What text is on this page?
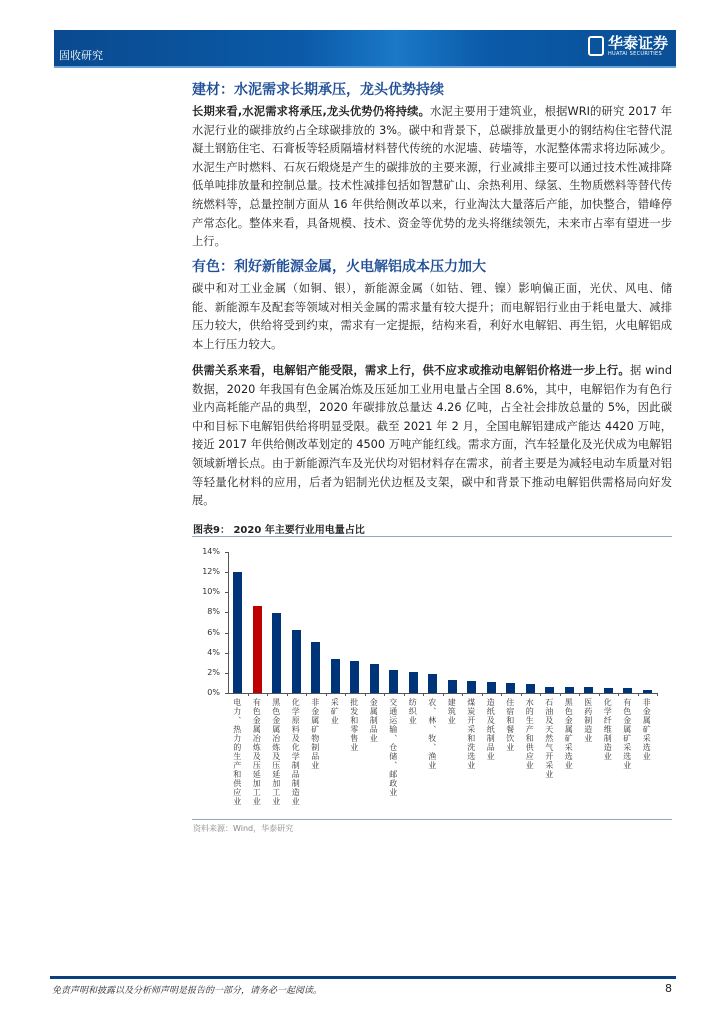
固收研究
华泰证券
HUATAI SECURITIES
建材：水泥需求长期承压，龙头优势持续
长期来看,水泥需求将承压,龙头优势仍将持续。水泥主要用于建筑业，根据WRI的研究 2017 年水泥行业的碳排放约占全球碳排放的 3%。碳中和背景下，总碳排放量更小的钢结构住宅替代混凝土钢筋住宅、石膏板等轻质隔墙材料替代传统的水泥墙、砖墙等，水泥整体需求将边际减少。水泥生产时燃料、石灰石煅烧是产生的碳排放的主要来源，行业减排主要可以通过技术性减排降低单吨排放量和控制总量。技术性减排包括如智慧矿山、余热利用、绿氢、生物质燃料等替代传统燃料等，总量控制方面从 16 年供给侧改革以来，行业淘汰大量落后产能，加快整合，错峰停产常态化。整体来看，具备规模、技术、资金等优势的龙头将继续领先，未来市占率有望进一步上行。
有色：利好新能源金属，火电解铝成本压力加大
碳中和对工业金属（如铜、银），新能源金属（如钴、锂、镍）影响偏正面，光伏、风电、储能、新能源车及配套等领域对相关金属的需求量有较大提升；而电解铝行业由于耗电量大、减排压力较大，供给将受到约束，需求有一定提振，结构来看，利好水电解铝、再生铝，火电解铝成本上行压力较大。
供需关系来看，电解铝产能受限，需求上行，供不应求或推动电解铝价格进一步上行。据 wind 数据，2020 年我国有色金属冶炼及压延加工业用电量占全国 8.6%，其中，电解铝作为有色行业内高耗能产品的典型，2020 年碳排放总量达 4.26 亿吨，占全社会排放总量的 5%，因此碳中和目标下电解铝供给将明显受限。截至 2021 年 2 月，全国电解铝建成产能达 4420 万吨，接近 2017 年供给侧改革划定的 4500 万吨产能红线。需求方面，汽车轻量化及光伏成为电解铝领域新增长点。由于新能源汽车及光伏均对铝材料存在需求，前者主要是为减轻电动车质量对铝等轻量化材料的应用，后者为铝制光伏边框及支架，碳中和背景下推动电解铝供需格局向好发展。
图表9： 2020 年主要行业用电量占比
0%
2%
4%
6%
8%
10%
12%
14%
电力、热力的生产和供应业 有色金属冶炼及压延加工业 黑色金属冶炼及压延加工业 化学原料及化学制品制造业 非金属矿物制品业 采矿业 批发和零售业 金属制品业 交通运输、仓储、邮政业 纺织业 农、林、牧、渔业 建筑业 煤炭开采和洗选业 造纸及纸制品业 住宿和餐饮业 水的生产和供应业 石油及天然气开采业 黑色金属矿采选业 医药制造业 化学纤维制造业 有色金属矿采选业 非金属矿采选业
资料来源：Wind，华泰研究
免责声明和披露以及分析师声明是报告的一部分，请务必一起阅读。	8
